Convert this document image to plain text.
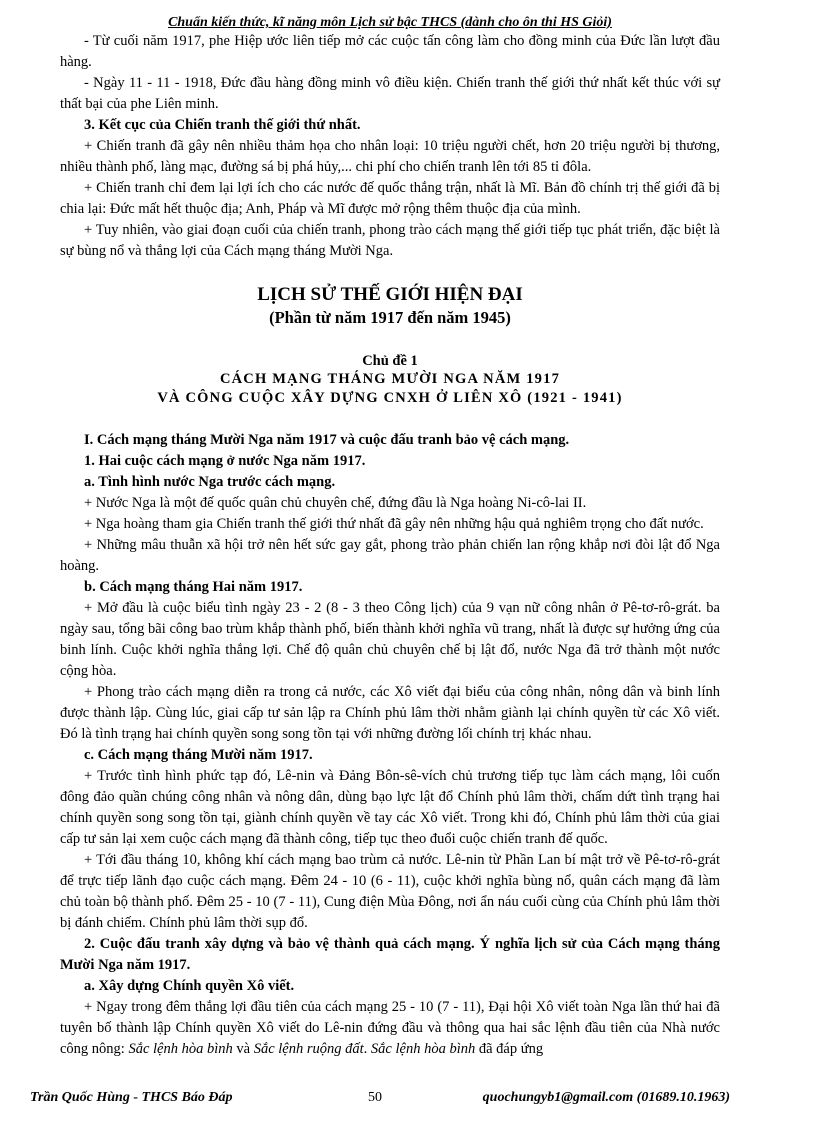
Chuẩn kiến thức, kĩ năng môn Lịch sử bậc THCS (dành cho ôn thi HS Giỏi)

- Từ cuối năm 1917, phe Hiệp ước liên tiếp mở các cuộc tấn công làm cho đồng minh của Đức lần lượt đầu hàng.

- Ngày 11 - 11 - 1918, Đức đầu hàng đồng minh vô điều kiện. Chiến tranh thế giới thứ nhất kết thúc với sự thất bại của phe Liên minh.

3. Kết cục của Chiến tranh thế giới thứ nhất.

+ Chiến tranh đã gây nên nhiều thảm họa cho nhân loại: 10 triệu người chết, hơn 20 triệu người bị thương, nhiều thành phố, làng mạc, đường sá bị phá hủy,... chi phí cho chiến tranh lên tới 85 tỉ đôla.

+ Chiến tranh chỉ đem lại lợi ích cho các nước đế quốc thắng trận, nhất là Mĩ. Bản đồ chính trị thế giới đã bị chia lại: Đức mất hết thuộc địa; Anh, Pháp và Mĩ được mở rộng thêm thuộc địa của mình.

+ Tuy nhiên, vào giai đoạn cuối của chiến tranh, phong trào cách mạng thế giới tiếp tục phát triển, đặc biệt là sự bùng nổ và thắng lợi của Cách mạng tháng Mười Nga.

LỊCH SỬ THẾ GIỚI HIỆN ĐẠI
(Phần từ năm 1917 đến năm 1945)
Chủ đề 1
CÁCH MẠNG THÁNG MƯỜI NGA NĂM 1917
VÀ CÔNG CUỘC XÂY DỰNG CNXH Ở LIÊN XÔ (1921 - 1941)

I. Cách mạng tháng Mười Nga năm 1917 và cuộc đấu tranh bảo vệ cách mạng.

1. Hai cuộc cách mạng ở nước Nga năm 1917.

a. Tình hình nước Nga trước cách mạng.

+ Nước Nga là một đế quốc quân chủ chuyên chế, đứng đầu là Nga hoàng Ni-cô-lai II.

+ Nga hoàng tham gia Chiến tranh thế giới thứ nhất đã gây nên những hậu quả nghiêm trọng cho đất nước.

+ Những mâu thuẫn xã hội trở nên hết sức gay gắt, phong trào phản chiến lan rộng khắp nơi đòi lật đổ Nga hoàng.

b. Cách mạng tháng Hai năm 1917.

+ Mở đầu là cuộc biểu tình ngày 23 - 2 (8 - 3 theo Công lịch) của 9 vạn nữ công nhân ở Pê-tơ-rô-grát. ba ngày sau, tổng bãi công bao trùm khắp thành phố, biến thành khởi nghĩa vũ trang, nhất là được sự hưởng ứng của binh lính. Cuộc khởi nghĩa thắng lợi. Chế độ quân chủ chuyên chế bị lật đổ, nước Nga đã trở thành một nước cộng hòa.

+ Phong trào cách mạng diễn ra trong cả nước, các Xô viết đại biểu của công nhân, nông dân và binh lính được thành lập. Cùng lúc, giai cấp tư sản lập ra Chính phủ lâm thời nhằm giành lại chính quyền từ các Xô viết. Đó là tình trạng hai chính quyền song song tồn tại với những đường lối chính trị khác nhau.

c. Cách mạng tháng Mười năm 1917.

+ Trước tình hình phức tạp đó, Lê-nin và Đảng Bôn-sê-vích chủ trương tiếp tục làm cách mạng, lôi cuốn đông đảo quần chúng công nhân và nông dân, dùng bạo lực lật đổ Chính phủ lâm thời, chấm dứt tình trạng hai chính quyền song song tồn tại, giành chính quyền về tay các Xô viết. Trong khi đó, Chính phủ lâm thời của giai cấp tư sản lại xem cuộc cách mạng đã thành công, tiếp tục theo đuổi cuộc chiến tranh đế quốc.

+ Tới đầu tháng 10, không khí cách mạng bao trùm cả nước. Lê-nin từ Phần Lan bí mật trở về Pê-tơ-rô-grát để trực tiếp lãnh đạo cuộc cách mạng. Đêm 24 - 10 (6 - 11), cuộc khởi nghĩa bùng nổ, quân cách mạng đã làm chủ toàn bộ thành phố. Đêm 25 - 10 (7 - 11), Cung điện Mùa Đông, nơi ẩn náu cuối cùng của Chính phủ lâm thời bị đánh chiếm. Chính phủ lâm thời sụp đổ.

2. Cuộc đấu tranh xây dựng và bảo vệ thành quả cách mạng. Ý nghĩa lịch sử của Cách mạng tháng Mười Nga năm 1917.

a. Xây dựng Chính quyền Xô viết.

+ Ngay trong đêm thắng lợi đầu tiên của cách mạng 25 - 10 (7 - 11), Đại hội Xô viết toàn Nga lần thứ hai đã tuyên bố thành lập Chính quyền Xô viết do Lê-nin đứng đầu và thông qua hai sắc lệnh đầu tiên của Nhà nước công nông: Sắc lệnh hòa bình và Sắc lệnh ruộng đất. Sắc lệnh hòa bình đã đáp ứng

Trần Quốc Hùng - THCS Báo Đáp	50	quochungyb1@gmail.com (01689.10.1963)
